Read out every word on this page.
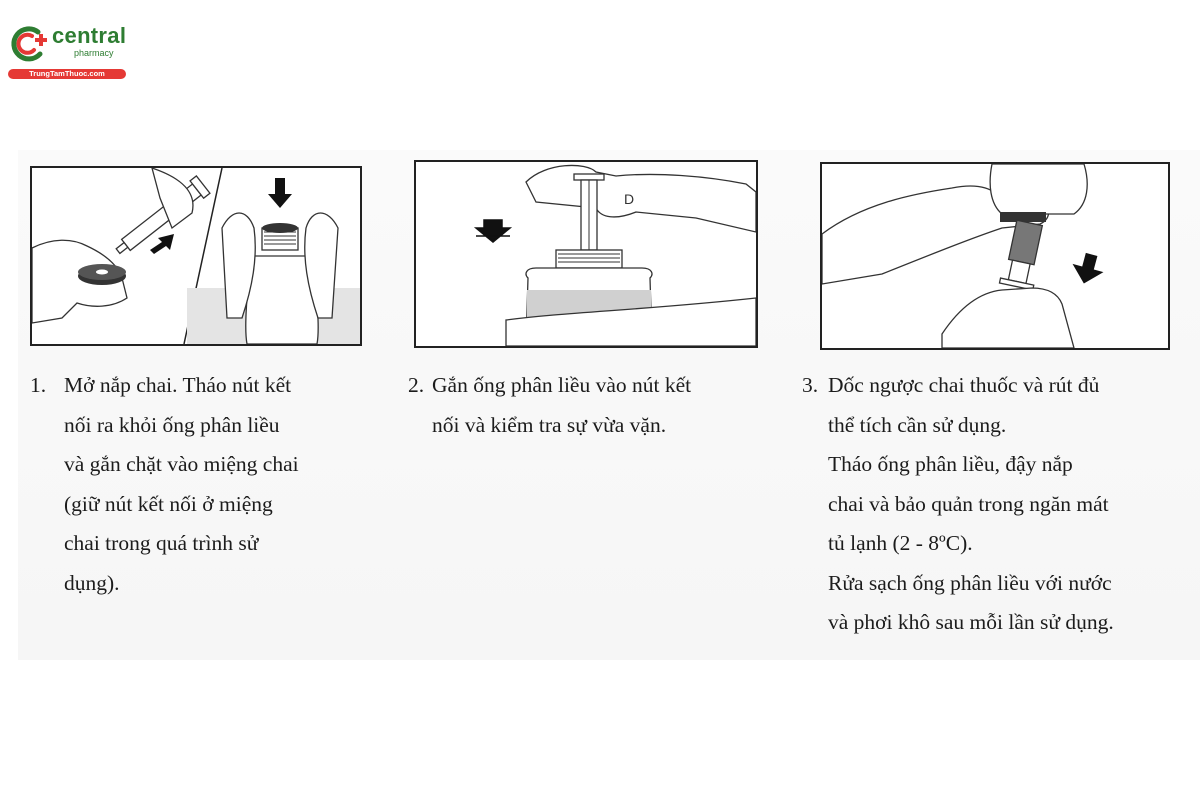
central
pharmacy
TrungTamThuoc.com
D
1. Mở nắp chai. Tháo nút kết
nối ra khỏi ống phân liều
và gắn chặt vào miệng chai
(giữ nút kết nối ở miệng
chai trong quá trình sử
dụng).
2. Gắn ống phân liều vào nút kết
nối và kiểm tra sự vừa vặn.
3. Dốc ngược chai thuốc và rút đủ
thể tích cần sử dụng.
Tháo ống phân liều, đậy nắp
chai và bảo quản trong ngăn mát
tủ lạnh (2 - 8ºC).
Rửa sạch ống phân liều với nước
và phơi khô sau mỗi lần sử dụng.
